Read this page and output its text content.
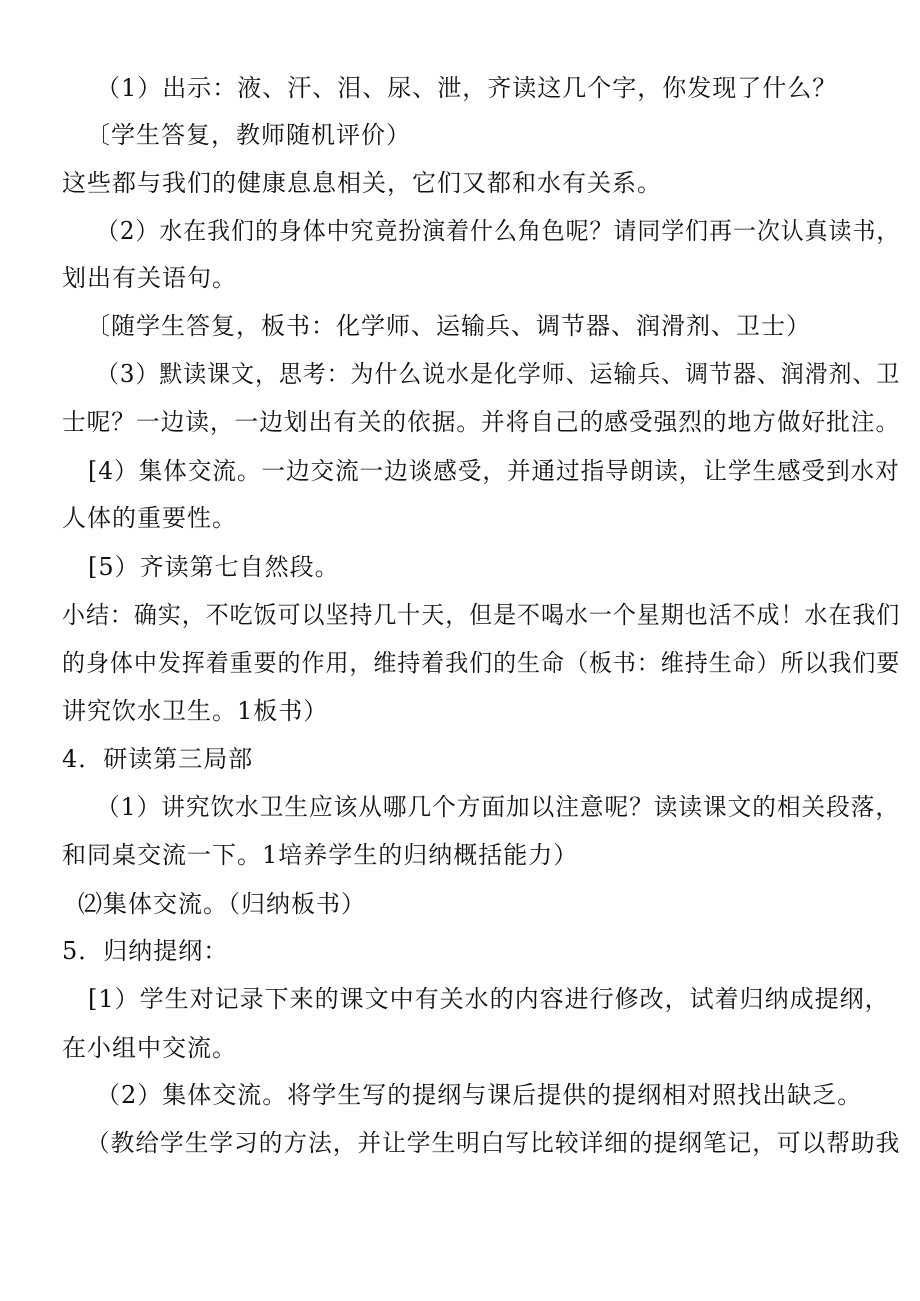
（1）出示：液、汗、泪、尿、泄，齐读这几个字，你发现了什么？
〔学生答复，教师随机评价）
这些都与我们的健康息息相关，它们又都和水有关系。
（2）水在我们的身体中究竟扮演着什么角色呢？请同学们再一次认真读书，
划出有关语句。
〔随学生答复，板书：化学师、运输兵、调节器、润滑剂、卫士）
（3）默读课文，思考：为什么说水是化学师、运输兵、调节器、润滑剂、卫
士呢？一边读，一边划出有关的依据。并将自己的感受强烈的地方做好批注。
[4）集体交流。一边交流一边谈感受，并通过指导朗读，让学生感受到水对
人体的重要性。
[5）齐读第七自然段。
小结：确实，不吃饭可以坚持几十天，但是不喝水一个星期也活不成！水在我们
的身体中发挥着重要的作用，维持着我们的生命（板书：维持生命）所以我们要
讲究饮水卫生。1板书）
4．研读第三局部
（1）讲究饮水卫生应该从哪几个方面加以注意呢？读读课文的相关段落，
和同桌交流一下。1培养学生的归纳概括能力）
⑵集体交流。（归纳板书）
5．归纳提纲：
[1）学生对记录下来的课文中有关水的内容进行修改，试着归纳成提纲，
在小组中交流。
（2）集体交流。将学生写的提纲与课后提供的提纲相对照找出缺乏。
（教给学生学习的方法，并让学生明白写比较详细的提纲笔记，可以帮助我
